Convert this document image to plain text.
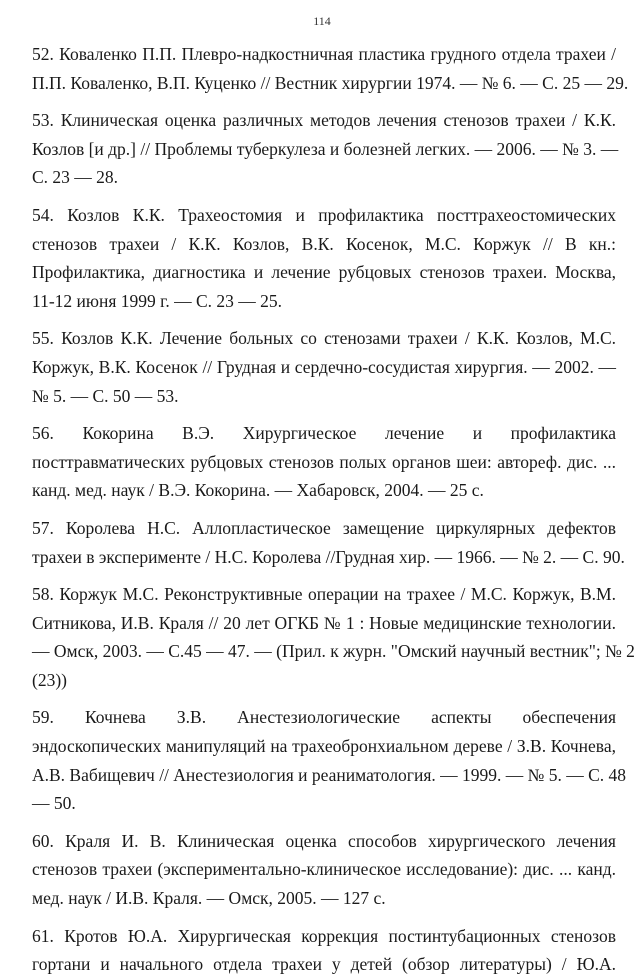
114
52. Коваленко П.П. Плевро-надкостничная пластика грудного отдела трахеи /
П.П. Коваленко, В.П. Куценко // Вестник хирургии 1974. — № 6. — С. 25 — 29.
53. Клиническая оценка различных методов лечения стенозов трахеи / К.К.
Козлов [и др.] // Проблемы туберкулеза и болезней легких. — 2006. — № 3. —
С. 23 — 28.
54. Козлов К.К. Трахеостомия и профилактика посттрахеостомических
стенозов трахеи / К.К. Козлов, В.К. Косенок, М.С. Коржук // В кн.:
Профилактика, диагностика и лечение рубцовых стенозов трахеи. Москва,
11-12 июня 1999 г. — С. 23 — 25.
55. Козлов К.К. Лечение больных со стенозами трахеи / К.К. Козлов, М.С.
Коржук, В.К. Косенок // Грудная и сердечно-сосудистая хирургия. — 2002. —
№ 5. — С. 50 — 53.
56. Кокорина В.Э. Хирургическое лечение и профилактика
посттравматических рубцовых стенозов полых органов шеи: автореф. дис. ...
канд. мед. наук / В.Э. Кокорина. — Хабаровск, 2004. — 25 с.
57. Королева Н.С. Аллопластическое замещение циркулярных дефектов
трахеи в эксперименте / Н.С. Королева //Грудная хир. — 1966. — № 2. — С. 90.
58. Коржук М.С. Реконструктивные операции на трахее / М.С. Коржук, В.М.
Ситникова, И.В. Краля // 20 лет ОГКБ № 1 : Новые медицинские технологии.
— Омск, 2003. — С.45 — 47. — (Прил. к журн. "Омский научный вестник"; № 2
(23))
59. Кочнева З.В. Анестезиологические аспекты обеспечения
эндоскопических манипуляций на трахеобронхиальном дереве / З.В. Кочнева,
А.В. Вабищевич // Анестезиология и реаниматология. — 1999. — № 5. — С. 48
— 50.
60. Краля И. В. Клиническая оценка способов хирургического лечения
стенозов трахеи (экспериментально-клиническое исследование): дис. ... канд.
мед. наук / И.В. Краля. — Омск, 2005. — 127 с.
61. Кротов Ю.А. Хирургическая коррекция постинтубационных стенозов
гортани и начального отдела трахеи у детей (обзор литературы) / Ю.А.
